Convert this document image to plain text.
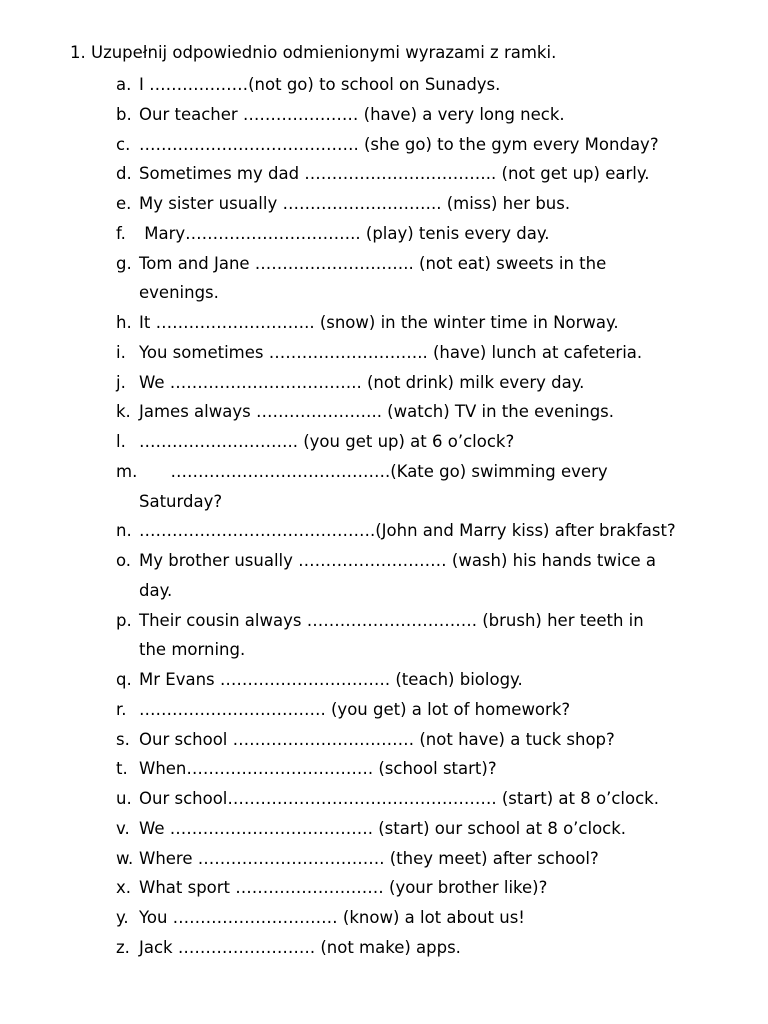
1. Uzupełnij odpowiednio odmienionymi wyrazami z ramki.
a. I ………………(not go) to school on Sunadys.
b. Our teacher ………………… (have) a very long neck.
c. …………………………………. (she go) to the gym every Monday?
d. Sometimes my dad …………………………….. (not get up) early.
e. My sister usually ……………………….. (miss) her bus.
f. Mary………………………….. (play) tenis every day.
g. Tom and Jane ……………………….. (not eat) sweets in the
evenings.
h. It ……………………….. (snow) in the winter time in Norway.
i. You sometimes ……………………….. (have) lunch at cafeteria.
j. We …………………………….. (not drink) milk every day.
k. James always ………………….. (watch) TV in the evenings.
l. ……………………….. (you get up) at 6 o’clock?
m. ………………………………….(Kate go) swimming every
Saturday?
n. …………………………………….(John and Marry kiss) after brakfast?
o. My brother usually ……………………… (wash) his hands twice a
day.
p. Their cousin always …………………………. (brush) her teeth in
the morning.
q. Mr Evans …………………………. (teach) biology.
r. ……………………………. (you get) a lot of homework?
s. Our school …………………………… (not have) a tuck shop?
t. When……………………………. (school start)?
u. Our school…………………………………………. (start) at 8 o’clock.
v. We ………………………………. (start) our school at 8 o’clock.
w. Where ……………………………. (they meet) after school?
x. What sport ……………………… (your brother like)?
y. You ………………………… (know) a lot about us!
z. Jack ……………………. (not make) apps.
